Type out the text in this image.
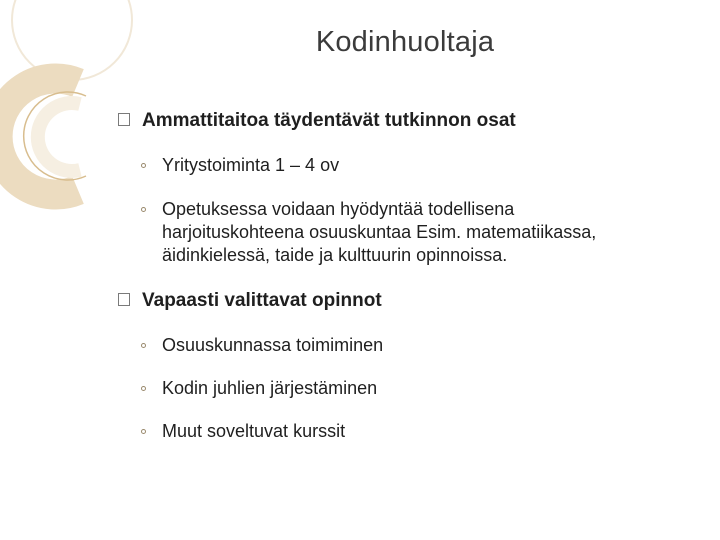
Kodinhuoltaja
Ammattitaitoa täydentävät tutkinnon osat
Yritystoiminta 1 – 4 ov
Opetuksessa voidaan hyödyntää todellisena harjoituskohteena osuuskuntaa Esim. matematiikassa, äidinkielessä, taide ja kulttuurin opinnoissa.
Vapaasti valittavat opinnot
Osuuskunnassa toimiminen
Kodin juhlien järjestäminen
Muut soveltuvat kurssit
